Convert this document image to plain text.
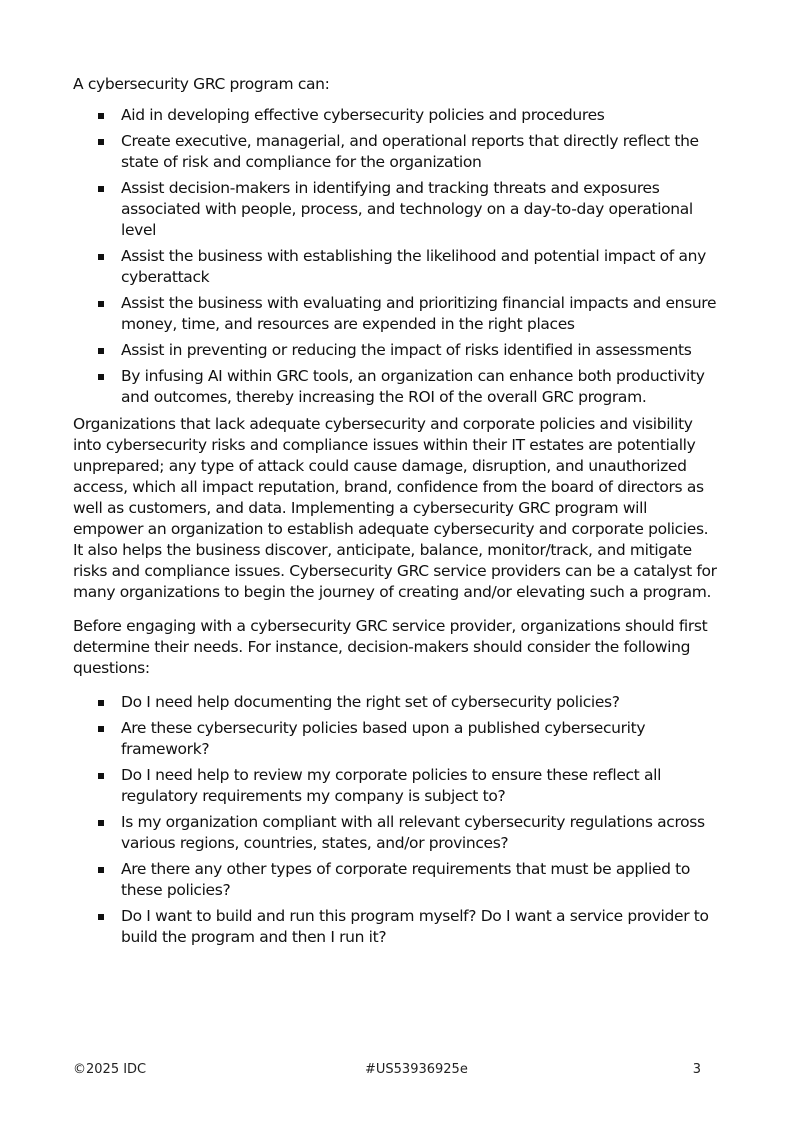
A cybersecurity GRC program can:

Aid in developing effective cybersecurity policies and procedures
Create executive, managerial, and operational reports that directly reflect the state of risk and compliance for the organization
Assist decision-makers in identifying and tracking threats and exposures associated with people, process, and technology on a day-to-day operational level
Assist the business with establishing the likelihood and potential impact of any cyberattack
Assist the business with evaluating and prioritizing financial impacts and ensure money, time, and resources are expended in the right places
Assist in preventing or reducing the impact of risks identified in assessments
By infusing AI within GRC tools, an organization can enhance both productivity and outcomes, thereby increasing the ROI of the overall GRC program.

Organizations that lack adequate cybersecurity and corporate policies and visibility into cybersecurity risks and compliance issues within their IT estates are potentially unprepared; any type of attack could cause damage, disruption, and unauthorized access, which all impact reputation, brand, confidence from the board of directors as well as customers, and data. Implementing a cybersecurity GRC program will empower an organization to establish adequate cybersecurity and corporate policies. It also helps the business discover, anticipate, balance, monitor/track, and mitigate risks and compliance issues. Cybersecurity GRC service providers can be a catalyst for many organizations to begin the journey of creating and/or elevating such a program.

Before engaging with a cybersecurity GRC service provider, organizations should first determine their needs. For instance, decision-makers should consider the following questions:

Do I need help documenting the right set of cybersecurity policies?
Are these cybersecurity policies based upon a published cybersecurity framework?
Do I need help to review my corporate policies to ensure these reflect all regulatory requirements my company is subject to?
Is my organization compliant with all relevant cybersecurity regulations across various regions, countries, states, and/or provinces?
Are there any other types of corporate requirements that must be applied to these policies?
Do I want to build and run this program myself? Do I want a service provider to build the program and then I run it?
©2025 IDC	#US53936925e	3
